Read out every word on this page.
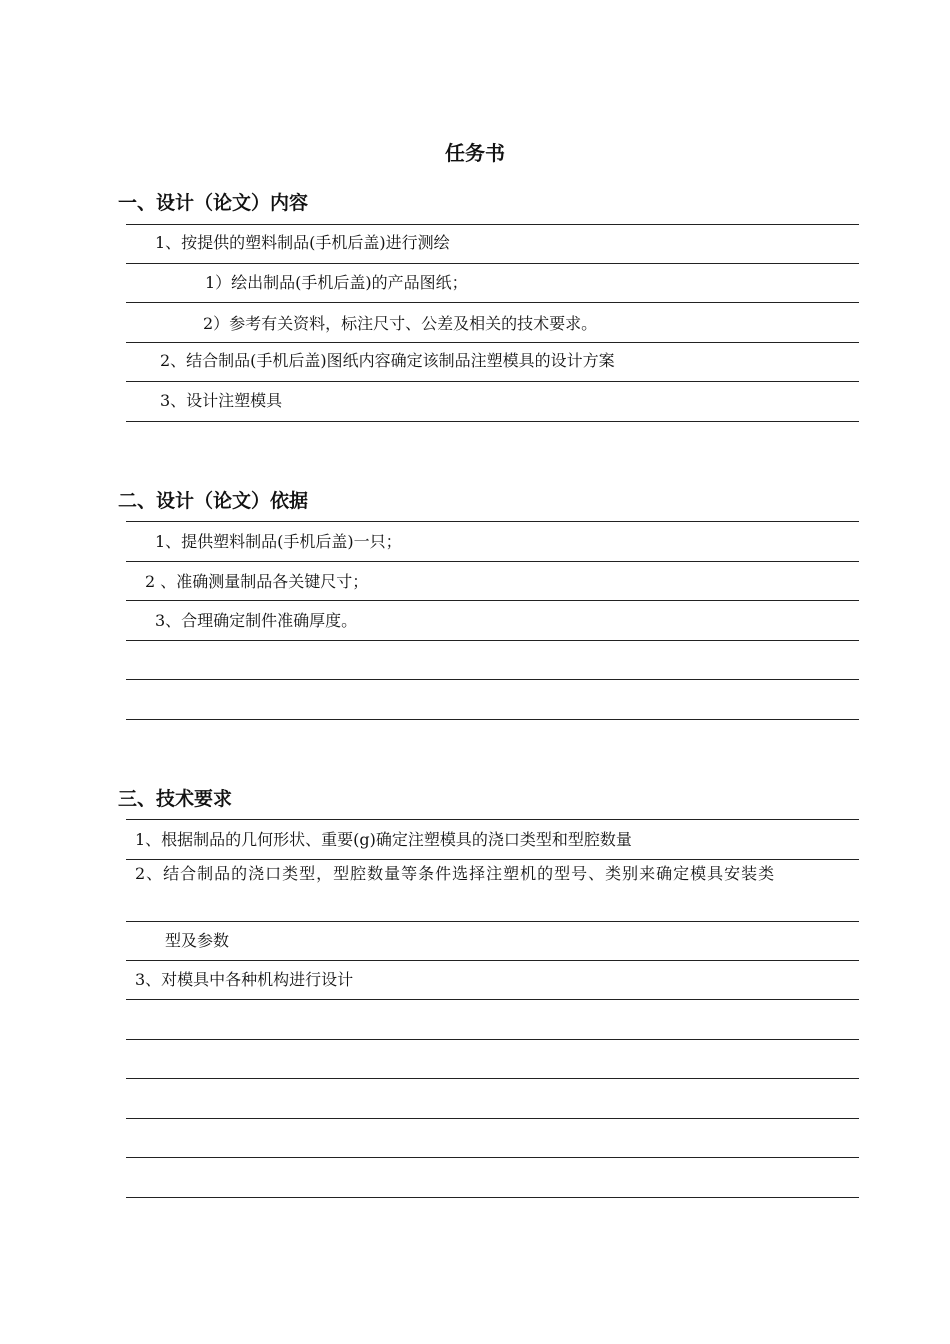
任务书
一、设计（论文）内容
1、按提供的塑料制品(手机后盖)进行测绘
1）绘出制品(手机后盖)的产品图纸；
2）参考有关资料，标注尺寸、公差及相关的技术要求。
2、结合制品(手机后盖)图纸内容确定该制品注塑模具的设计方案
3、设计注塑模具
二、设计（论文）依据
1、提供塑料制品(手机后盖)一只；
2 、准确测量制品各关键尺寸；
3、合理确定制件准确厚度。
三、技术要求
1、根据制品的几何形状、重要(g)确定注塑模具的浇口类型和型腔数量
2、结合制品的浇口类型，型腔数量等条件选择注塑机的型号、类别来确定模具安装类
型及参数
3、对模具中各种机构进行设计
